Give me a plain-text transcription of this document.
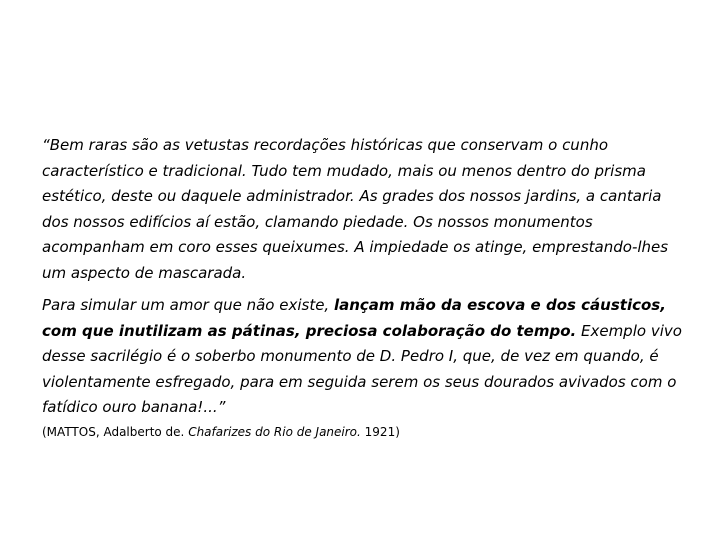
“Bem raras são as vetustas recordações históricas que conservam o cunho característico e tradicional. Tudo tem mudado, mais ou menos dentro do prisma estético, deste ou daquele administrador. As grades dos nossos jardins, a cantaria dos nossos edifícios aí estão, clamando piedade. Os nossos monumentos acompanham em coro esses queixumes. A impiedade os atinge, emprestando-lhes um aspecto de mascarada.

Para simular um amor que não existe, lançam mão da escova e dos cáusticos, com que inutilizam as pátinas, preciosa colaboração do tempo. Exemplo vivo desse sacrilégio é o soberbo monumento de D. Pedro I, que, de vez em quando, é violentamente esfregado, para em seguida serem os seus dourados avivados com o fatídico ouro banana!...”

(MATTOS, Adalberto de. Chafarizes do Rio de Janeiro. 1921)
